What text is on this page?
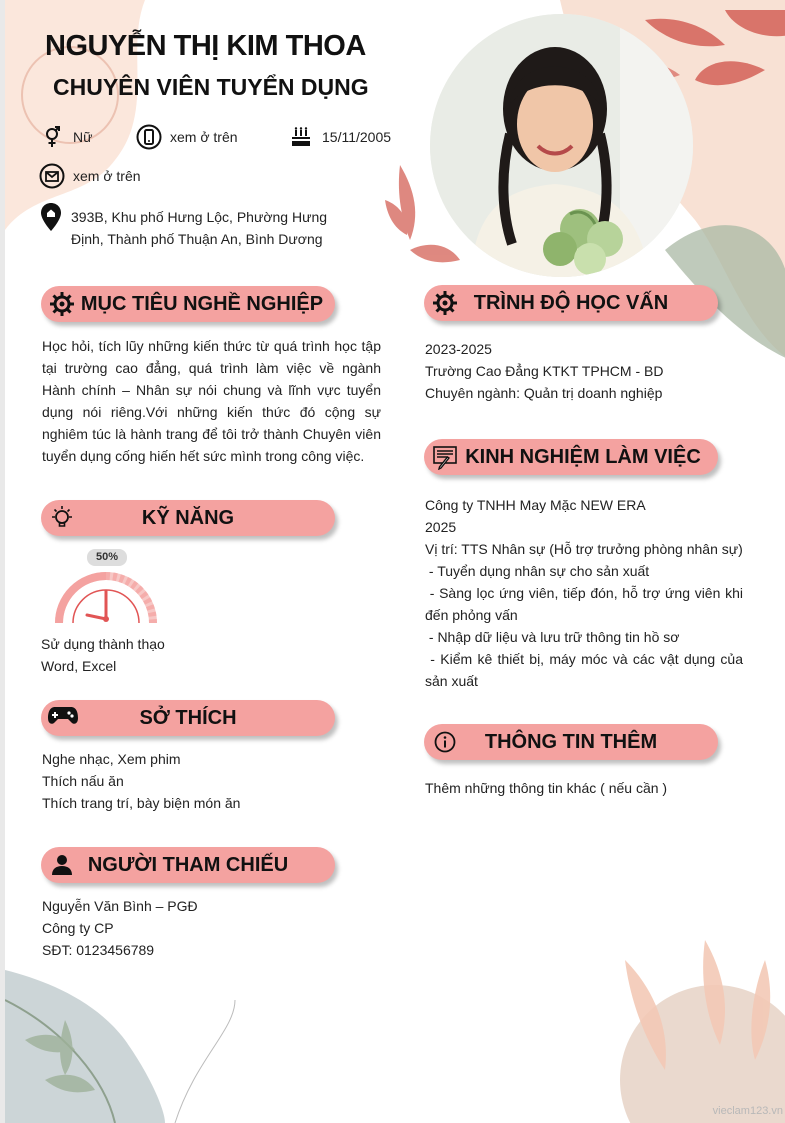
NGUYỄN THỊ KIM THOA
CHUYÊN VIÊN TUYỂN DỤNG
Nữ	xem ở trên	15/11/2005
xem ở trên
393B, Khu phố Hưng Lộc, Phường Hưng Định, Thành phố Thuận An, Bình Dương
MỤC TIÊU NGHỀ NGHIỆP
Học hỏi, tích lũy những kiến thức từ quá trình học tập tại trường cao đẳng, quá trình làm việc về ngành Hành chính – Nhân sự nói chung và lĩnh vực tuyển dụng nói riêng.Với những kiến thức đó cộng sự nghiêm túc là hành trang để tôi trở thành Chuyên viên tuyển dụng cống hiến hết sức mình trong công việc.
KỸ NĂNG
50%
Sử dụng thành thạo
Word, Excel
SỞ THÍCH
Nghe nhạc, Xem phim
Thích nấu ăn
Thích trang trí, bày biện món ăn
NGƯỜI THAM CHIẾU
Nguyễn Văn Bình – PGĐ
Công ty CP
SĐT: 0123456789
TRÌNH ĐỘ HỌC VẤN
2023-2025
Trường Cao Đẳng KTKT TPHCM - BD
Chuyên ngành: Quản trị doanh nghiệp
KINH NGHIỆM LÀM VIỆC
Công ty TNHH May Mặc NEW ERA
2025
Vị trí: TTS Nhân sự (Hỗ trợ trưởng phòng nhân sự)
- Tuyển dụng nhân sự cho sản xuất
- Sàng lọc ứng viên, tiếp đón, hỗ trợ ứng viên khi đến phỏng vấn
- Nhập dữ liệu và lưu trữ thông tin hồ sơ
- Kiểm kê thiết bị, máy móc và các vật dụng của sản xuất
THÔNG TIN THÊM
Thêm những thông tin khác ( nếu cần )
vieclam123.vn
